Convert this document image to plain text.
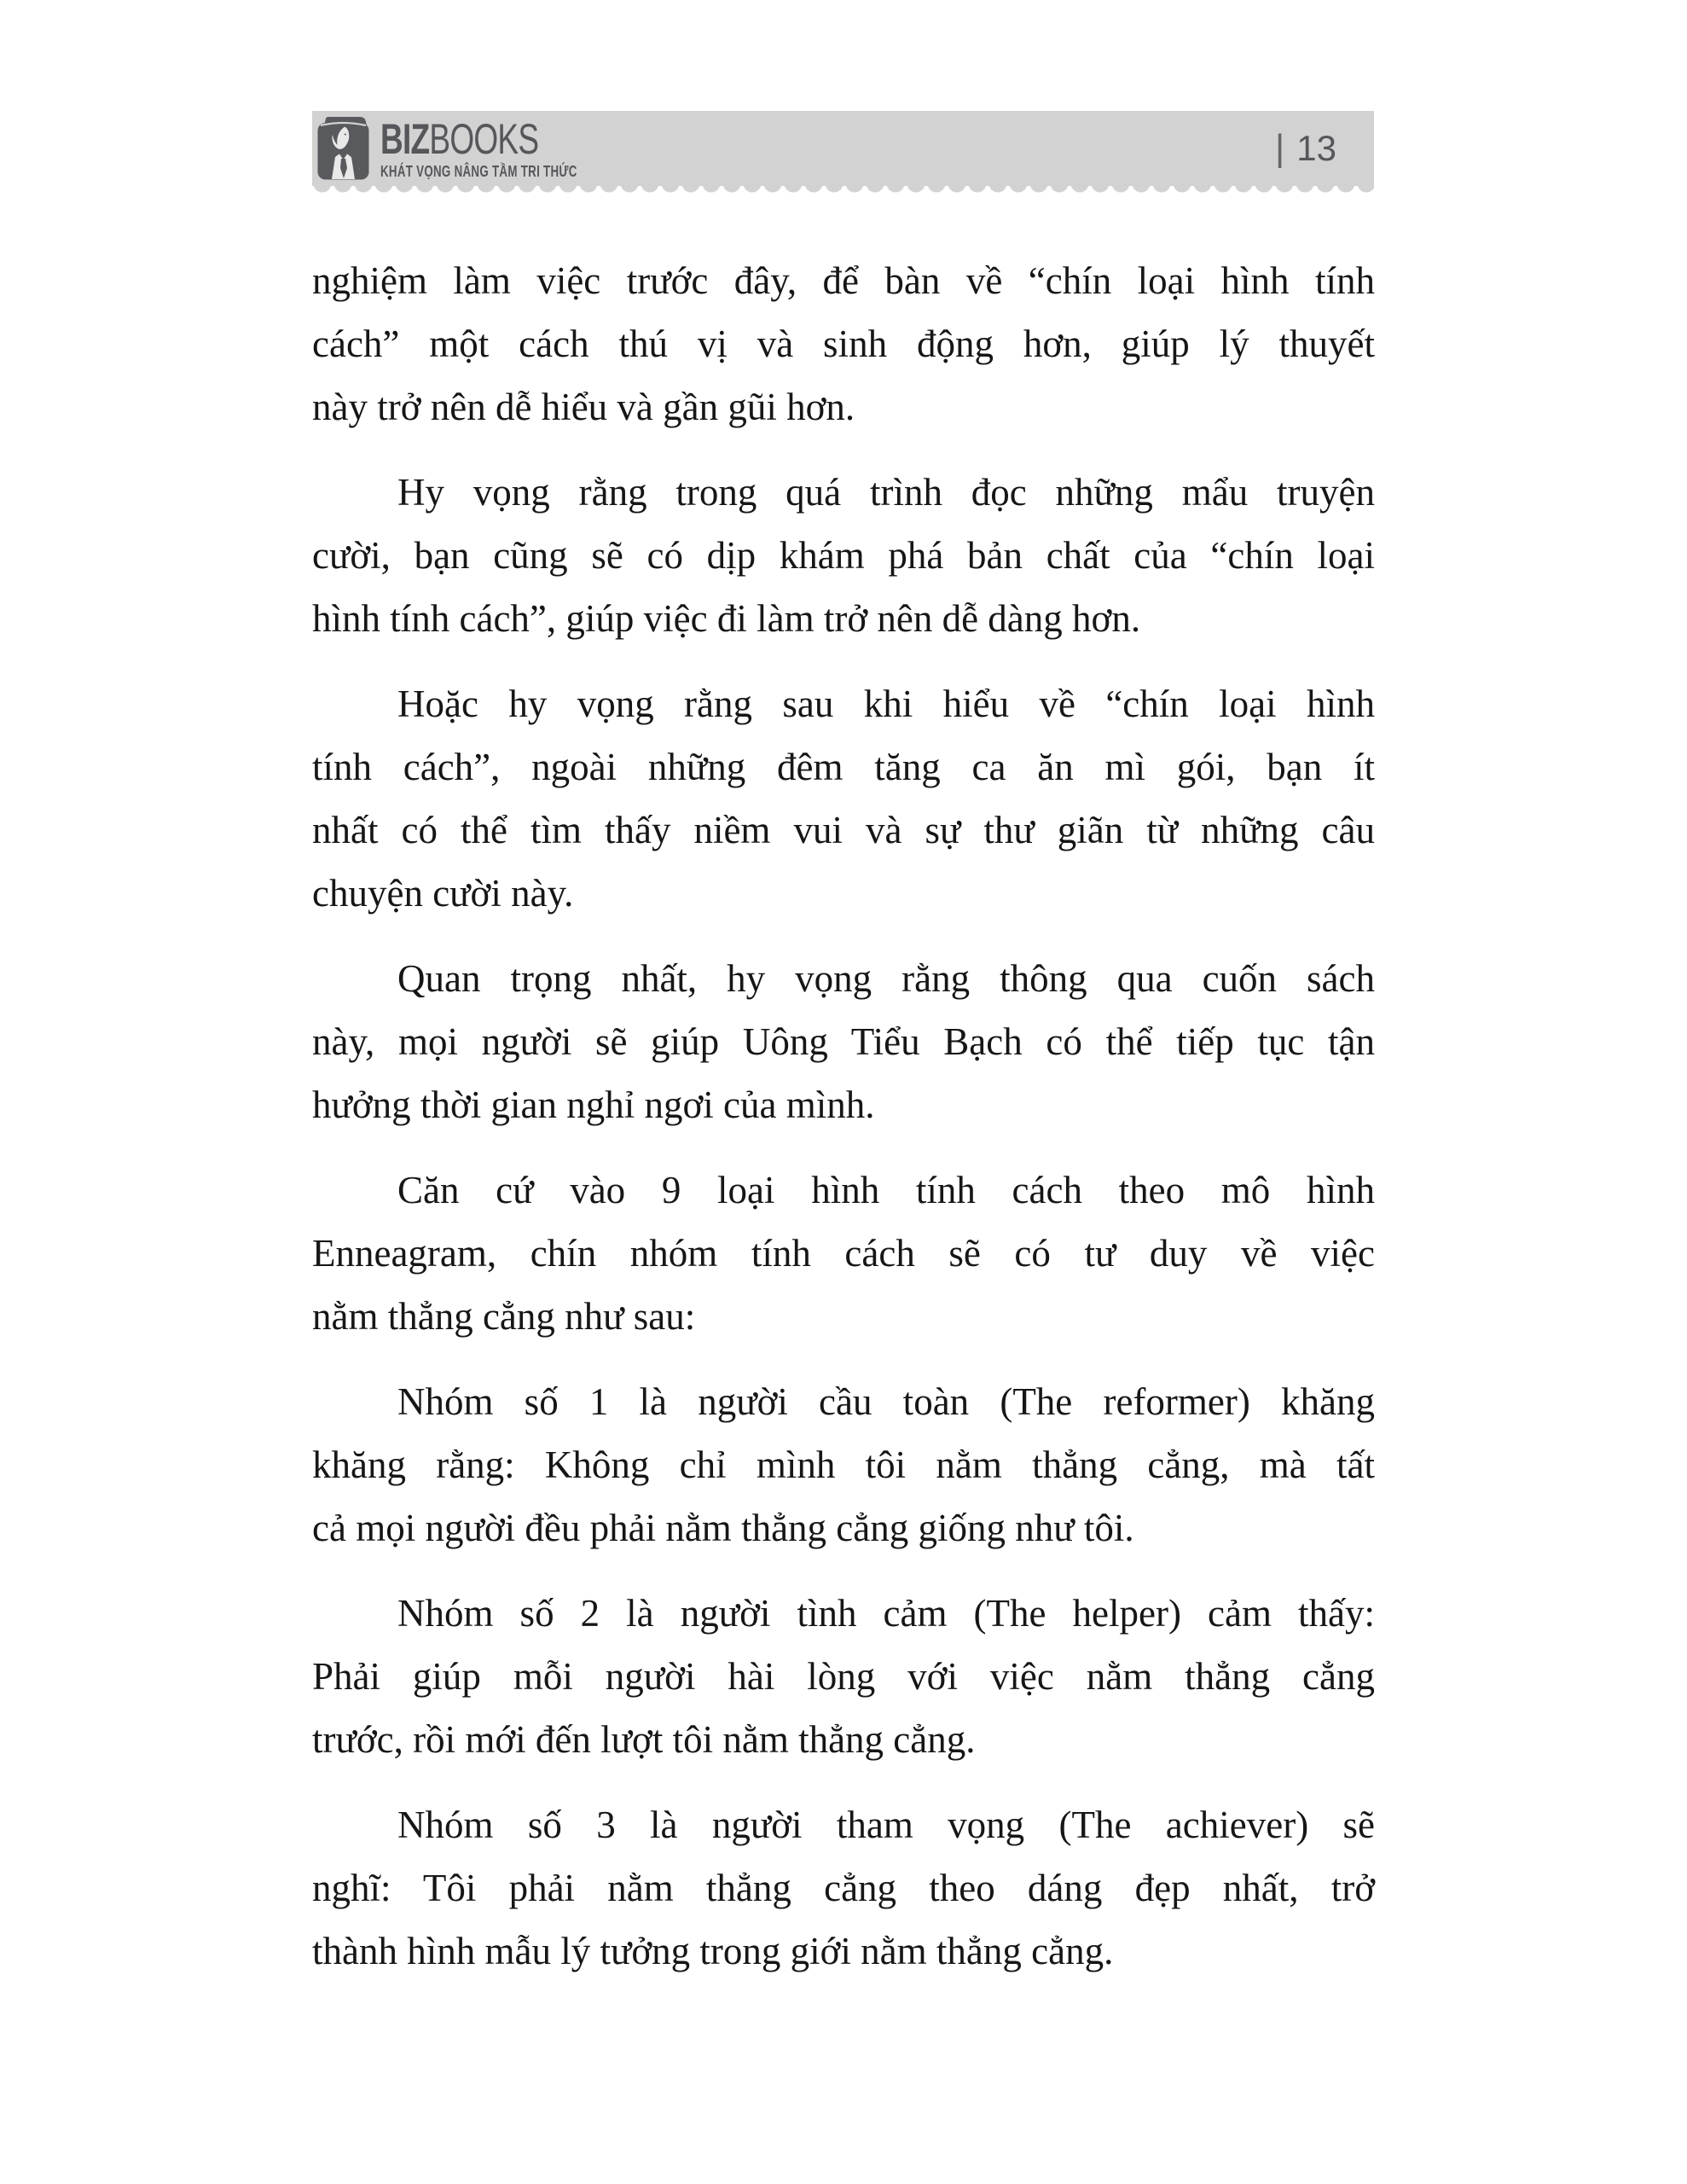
BIZBOOKS
KHÁT VỌNG NÂNG TẦM TRI THỨC
| 13
nghiệm làm việc trước đây, để bàn về “chín loại hình tính
cách” một cách thú vị và sinh động hơn, giúp lý thuyết
này trở nên dễ hiểu và gần gũi hơn.
Hy vọng rằng trong quá trình đọc những mẩu truyện
cười, bạn cũng sẽ có dịp khám phá bản chất của “chín loại
hình tính cách”, giúp việc đi làm trở nên dễ dàng hơn.
Hoặc hy vọng rằng sau khi hiểu về “chín loại hình
tính cách”, ngoài những đêm tăng ca ăn mì gói, bạn ít
nhất có thể tìm thấy niềm vui và sự thư giãn từ những câu
chuyện cười này.
Quan trọng nhất, hy vọng rằng thông qua cuốn sách
này, mọi người sẽ giúp Uông Tiểu Bạch có thể tiếp tục tận
hưởng thời gian nghỉ ngơi của mình.
Căn cứ vào 9 loại hình tính cách theo mô hình
Enneagram, chín nhóm tính cách sẽ có tư duy về việc
nằm thẳng cẳng như sau:
Nhóm số 1 là người cầu toàn (The reformer) khăng
khăng rằng: Không chỉ mình tôi nằm thẳng cẳng, mà tất
cả mọi người đều phải nằm thẳng cẳng giống như tôi.
Nhóm số 2 là người tình cảm (The helper) cảm thấy:
Phải giúp mỗi người hài lòng với việc nằm thẳng cẳng
trước, rồi mới đến lượt tôi nằm thẳng cẳng.
Nhóm số 3 là người tham vọng (The achiever) sẽ
nghĩ: Tôi phải nằm thẳng cẳng theo dáng đẹp nhất, trở
thành hình mẫu lý tưởng trong giới nằm thẳng cẳng.
